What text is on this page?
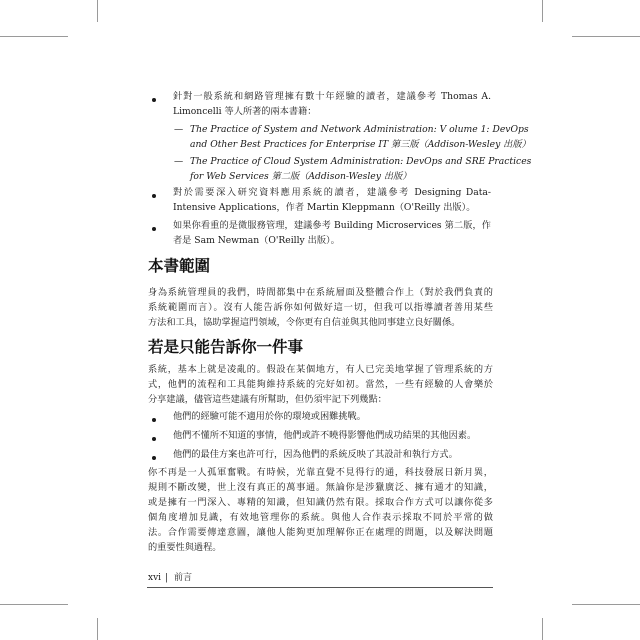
針對一般系統和網路管理擁有數十年經驗的讀者，建議參考 Thomas A.
Limoncelli 等人所著的兩本書籍：
— The Practice of System and Network Administration: V olume 1: DevOps
and Other Best Practices for Enterprise IT 第三版（Addison-Wesley 出版）
— The Practice of Cloud System Administration: DevOps and SRE Practices
for Web Services 第二版（Addison-Wesley 出版）
對於需要深入研究資料應用系統的讀者，建議參考 Designing Data-
Intensive Applications，作者 Martin Kleppmann（O'Reilly 出版）。
如果你看重的是微服務管理，建議參考 Building Microservices 第二版，作
者是 Sam Newman（O'Reilly 出版）。
本書範圍
身為系統管理員的我們，時間都集中在系統層面及整體合作上（對於我們負責的
系統範圍而言）。沒有人能告訴你如何做好這一切，但我可以指導讀者善用某些
方法和工具，協助掌握這門領域，令你更有自信並與其他同事建立良好關係。
若是只能告訴你一件事
系統，基本上就是凌亂的。假設在某個地方，有人已完美地掌握了管理系統的方
式，他們的流程和工具能夠維持系統的完好如初。當然，一些有經驗的人會樂於
分享建議，儘管這些建議有所幫助，但仍須牢記下列幾點：
他們的經驗可能不適用於你的環境或困難挑戰。
他們不懂所不知道的事情，他們或許不曉得影響他們成功結果的其他因素。
他們的最佳方案也許可行，因為他們的系統反映了其設計和執行方式。
你不再是一人孤軍奮戰。有時候，光靠直覺不見得行的通，科技發展日新月異，
規則不斷改變，世上沒有真正的萬事通。無論你是涉獵廣泛、擁有通才的知識，
或是擁有一門深入、專精的知識，但知識仍然有限。採取合作方式可以讓你從多
個角度增加見識，有效地管理你的系統。與他人合作表示採取不同於平常的做
法。合作需要傳達意圖，讓他人能夠更加理解你正在處理的問題，以及解決問題
的重要性與過程。
xvi | 前言
